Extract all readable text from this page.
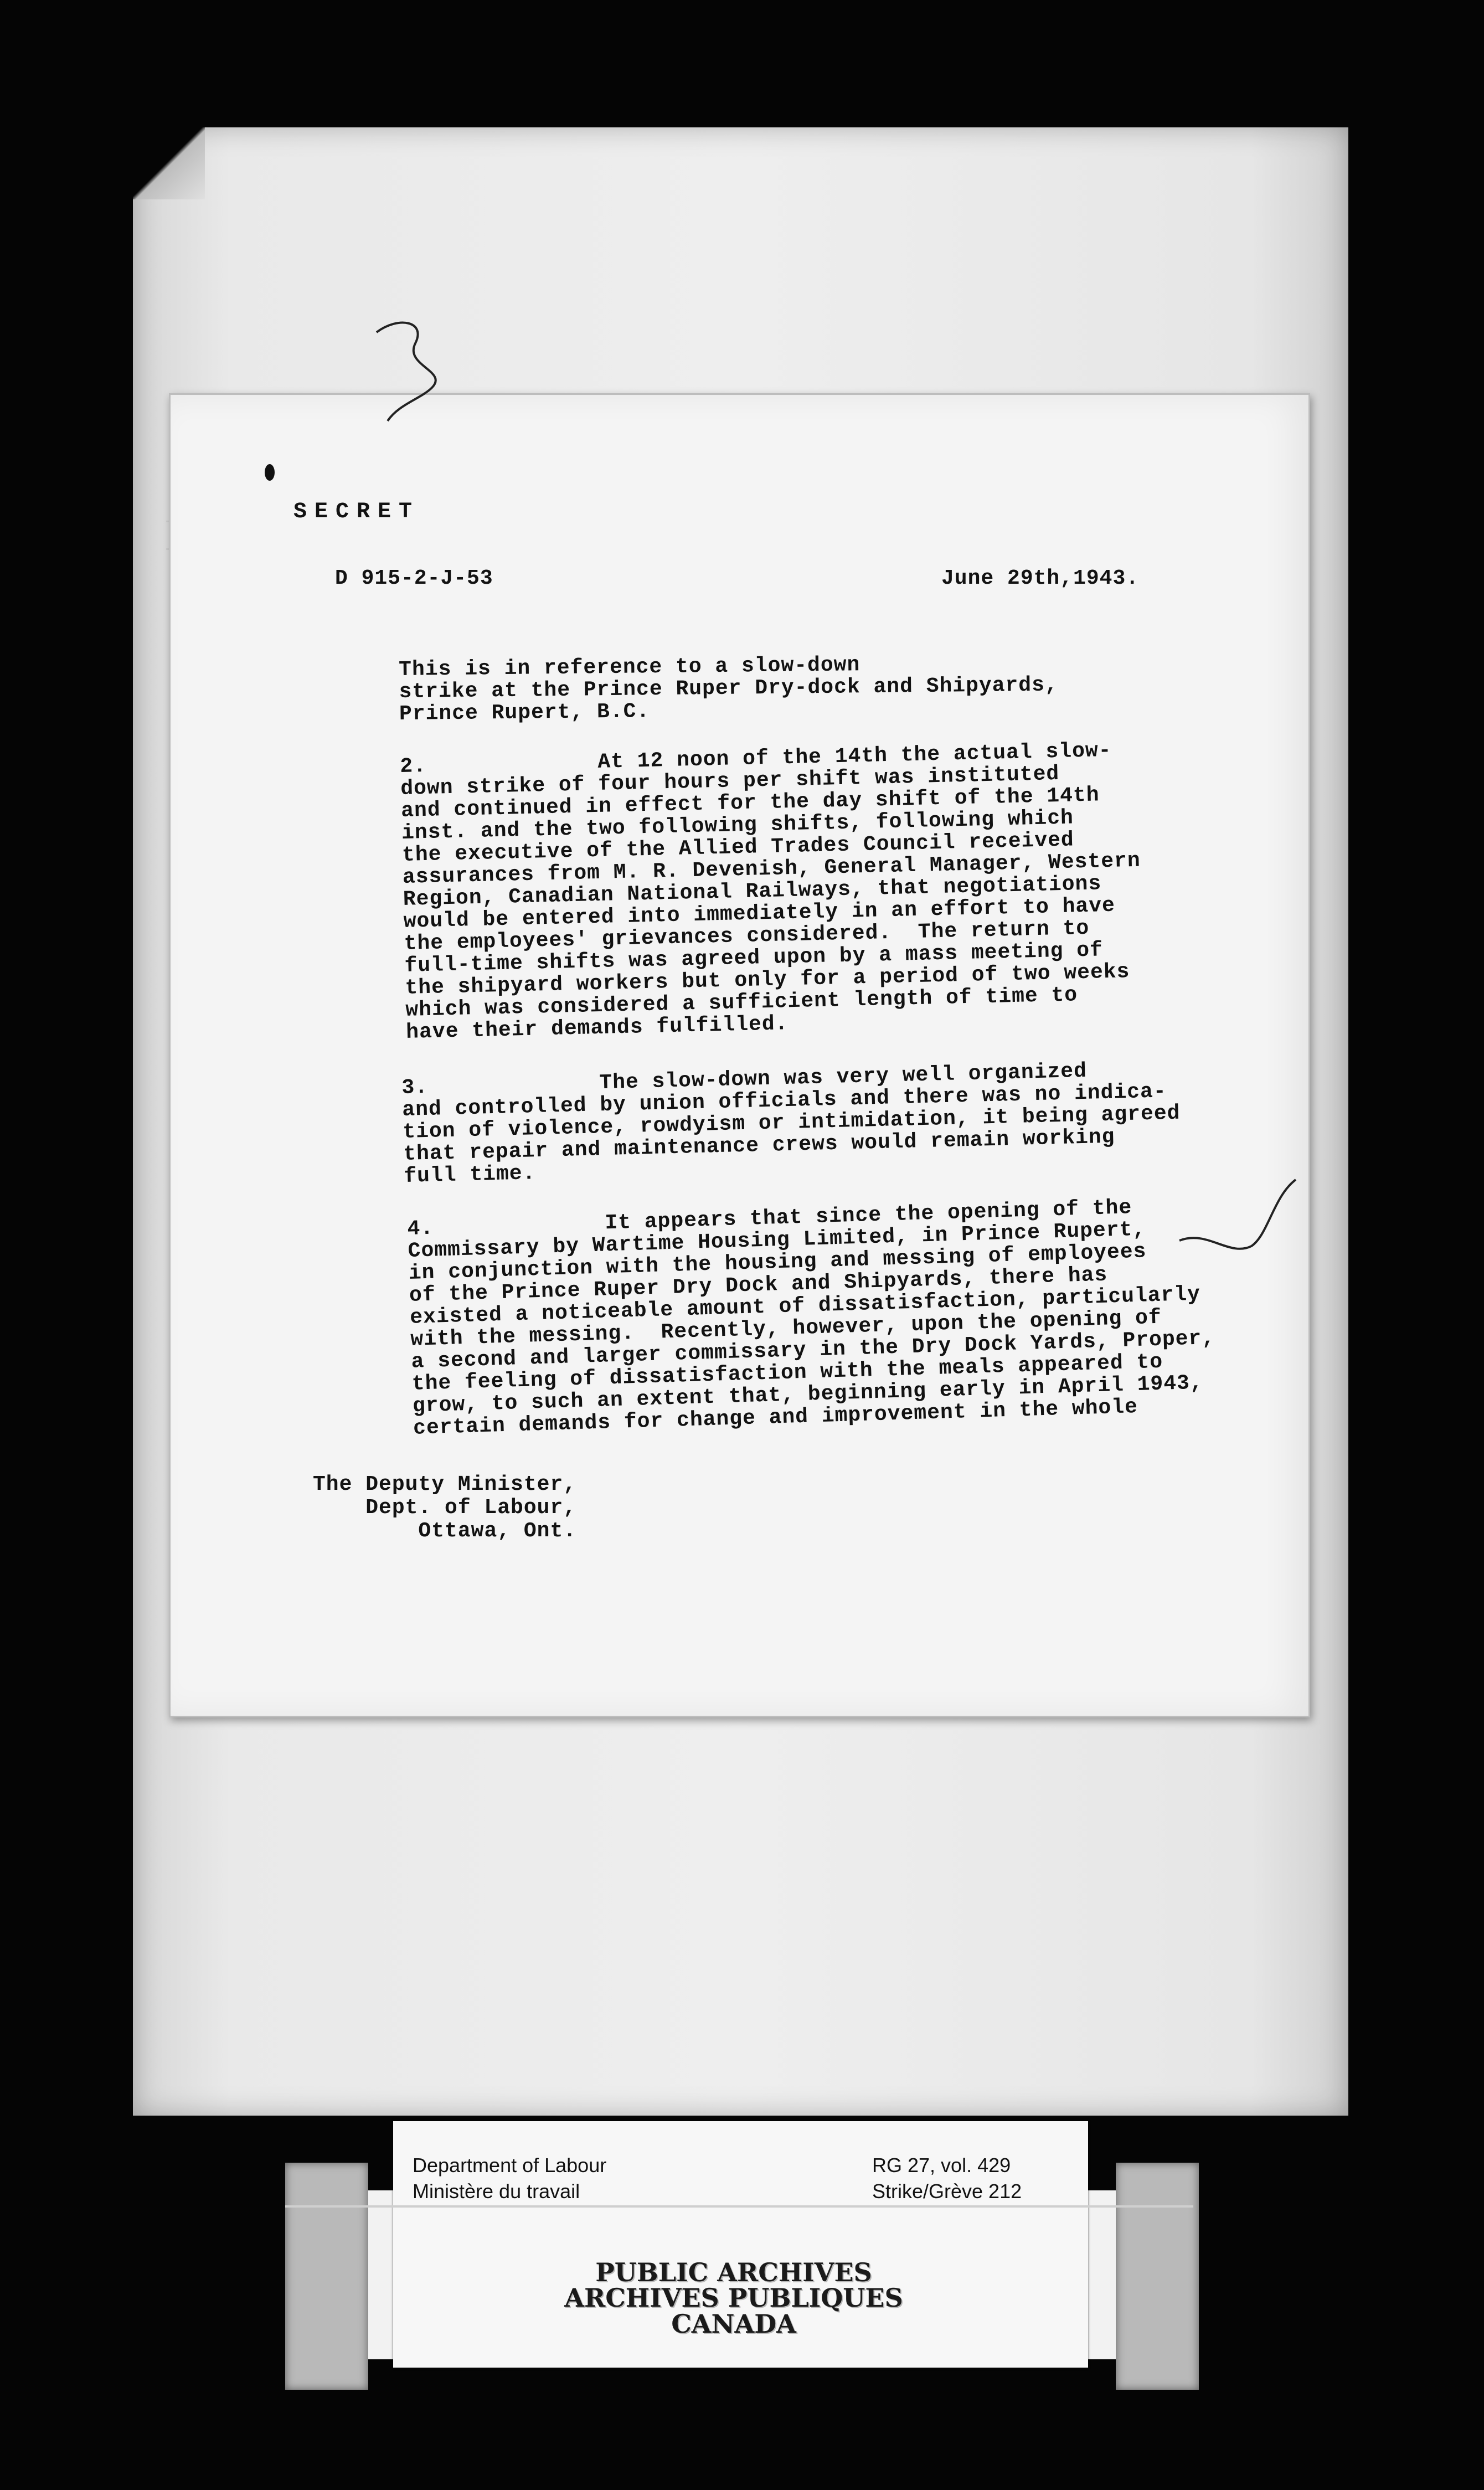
SECRET
D 915-2-J-53	June 29th,1943.
This is in reference to a slow-down
strike at the Prince Ruper Dry-dock and Shipyards,
Prince Rupert, B.C.
2.             At 12 noon of the 14th the actual slow-
down strike of four hours per shift was instituted
and continued in effect for the day shift of the 14th
inst. and the two following shifts, following which
the executive of the Allied Trades Council received
assurances from M. R. Devenish, General Manager, Western
Region, Canadian National Railways, that negotiations
would be entered into immediately in an effort to have
the employees' grievances considered.  The return to
full-time shifts was agreed upon by a mass meeting of
the shipyard workers but only for a period of two weeks
which was considered a sufficient length of time to
have their demands fulfilled.
3.             The slow-down was very well organized
and controlled by union officials and there was no indica-
tion of violence, rowdyism or intimidation, it being agreed
that repair and maintenance crews would remain working
full time.
4.             It appears that since the opening of the
Commissary by Wartime Housing Limited, in Prince Rupert,
in conjunction with the housing and messing of employees
of the Prince Ruper Dry Dock and Shipyards, there has
existed a noticeable amount of dissatisfaction, particularly
with the messing.  Recently, however, upon the opening of
a second and larger commissary in the Dry Dock Yards, Proper,
the feeling of dissatisfaction with the meals appeared to
grow, to such an extent that, beginning early in April 1943,
certain demands for change and improvement in the whole
The Deputy Minister,
Dept. of Labour,
Ottawa, Ont.
Department of Labour
Ministère du travail
RG 27, vol. 429
Strike/Grève 212
PUBLIC ARCHIVES
ARCHIVES PUBLIQUES
CANADA
